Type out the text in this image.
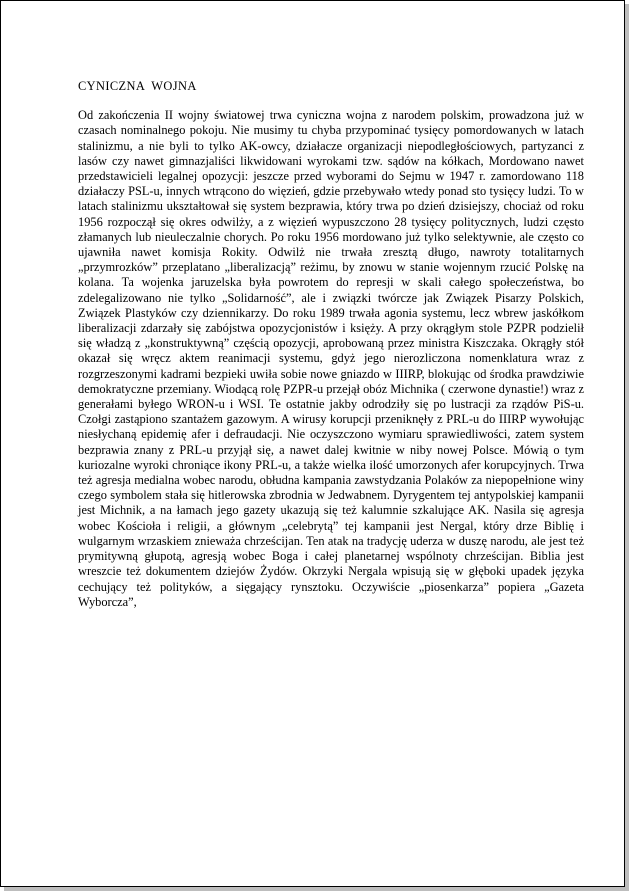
CYNICZNA  WOJNA

Od zakończenia II wojny światowej trwa cyniczna wojna z narodem polskim, prowadzona już w czasach nominalnego pokoju. Nie musimy tu chyba przypominać tysięcy pomordowanych w latach stalinizmu, a nie byli to tylko AK-owcy, działacze organizacji niepodległościowych, partyzanci z lasów czy nawet gimnazjaliści likwidowani wyrokami tzw. sądów na kółkach, Mordowano nawet przedstawicieli legalnej opozycji: jeszcze przed wyborami do Sejmu w 1947 r. zamordowano 118 działaczy PSL-u, innych wtrącono do więzień, gdzie przebywało wtedy ponad sto tysięcy ludzi. To w latach stalinizmu ukształtował się system bezprawia, który trwa po dzień dzisiejszy, chociaż od roku 1956 rozpoczął się okres odwilży, a z więzień wypuszczono 28 tysięcy politycznych, ludzi często złamanych lub nieuleczalnie chorych. Po roku 1956 mordowano już tylko selektywnie, ale często co ujawniła nawet komisja Rokity. Odwilż nie trwała zresztą długo, nawroty totalitarnych „przymrozków” przeplatano „liberalizacją” reżimu, by znowu w stanie wojennym rzucić Polskę na kolana. Ta wojenka jaruzelska była powrotem do represji w skali całego społeczeństwa, bo zdelegalizowano nie tylko „Solidarność”, ale i związki twórcze jak Związek Pisarzy Polskich, Związek Plastyków czy dziennikarzy. Do roku 1989 trwała agonia systemu, lecz wbrew jaskółkom liberalizacji zdarzały się zabójstwa opozycjonistów i księży. A przy okrągłym stole PZPR podzielił się władzą z „konstruktywną” częścią opozycji, aprobowaną przez ministra Kiszczaka. Okrągły stół okazał się wręcz aktem reanimacji systemu, gdyż jego nierozliczona nomenklatura wraz z rozgrzeszonymi kadrami bezpieki uwiła sobie nowe gniazdo w IIIRP, blokując od środka prawdziwie demokratyczne przemiany. Wiodącą rolę PZPR-u przejął obóz Michnika ( czerwone dynastie!) wraz z generałami byłego WRON-u i WSI. Te ostatnie jakby odrodziły się po lustracji za rządów PiS-u. Czołgi zastąpiono szantażem gazowym. A wirusy korupcji przeniknęły z PRL-u do IIIRP wywołując niesłychaną epidemię afer i defraudacji. Nie oczyszczono wymiaru sprawiedliwości, zatem system bezprawia znany z PRL-u przyjął się, a nawet dalej kwitnie w niby nowej Polsce. Mówią o tym kuriozalne wyroki chroniące ikony PRL-u, a także wielka ilość umorzonych afer korupcyjnych. Trwa też agresja medialna wobec narodu, obłudna kampania zawstydzania Polaków za niepopełnione winy czego symbolem stała się hitlerowska zbrodnia w Jedwabnem. Dyrygentem tej antypolskiej kampanii jest Michnik, a na łamach jego gazety ukazują się też kalumnie szkalujące AK. Nasila się agresja wobec Kościoła i religii, a głównym „celebrytą” tej kampanii jest Nergal, który drze Biblię i wulgarnym wrzaskiem znieważa chrześcijan. Ten atak na tradycję uderza w duszę narodu, ale jest też prymitywną głupotą, agresją wobec Boga i całej planetarnej wspólnoty chrześcijan. Biblia jest wreszcie też dokumentem dziejów Żydów. Okrzyki Nergala wpisują się w głęboki upadek języka cechujący też polityków, a sięgający rynsztoku. Oczywiście „piosenkarza” popiera „Gazeta Wyborcza”,
